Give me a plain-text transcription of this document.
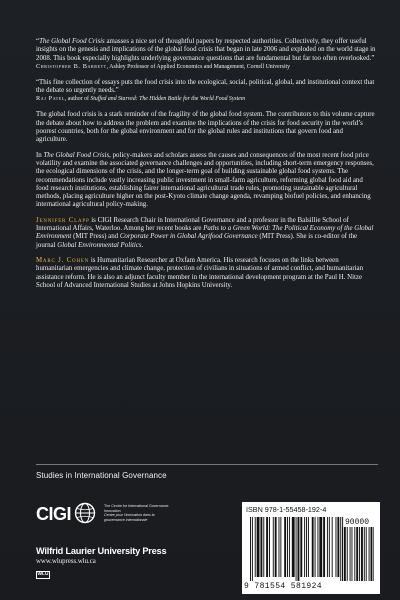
“The Global Food Crisis amasses a nice set of thoughtful papers by respected authorities. Collectively, they offer useful insights on the genesis and implications of the global food crisis that began in late 2006 and exploded on the world stage in 2008. This book especially highlights underlying governance questions that are fundamental but far too often overlooked.”

Christopher B. Barrett, Ashley Professor of Applied Economics and Management, Cornell University

“This fine collection of essays puts the food crisis into the ecological, social, political, global, and institutional context that the debate so urgently needs.”

Raj Patel, author of Stuffed and Starved: The Hidden Battle for the World Food System

The global food crisis is a stark reminder of the fragility of the global food system. The contributors to this volume capture the debate about how to address the problem and examine the implications of the crisis for food security in the world’s poorest countries, both for the global environment and for the global rules and institutions that govern food and agriculture.

In The Global Food Crisis, policy-makers and scholars assess the causes and consequences of the most recent food price volatility and examine the associated governance challenges and opportunities, including short-term emergency responses, the ecological dimensions of the crisis, and the longer-term goal of building sustainable global food systems. The recommendations include vastly increasing public investment in small-farm agriculture, reforming global food aid and food research institutions, establishing fairer international agricultural trade rules, promoting sustainable agricultural methods, placing agriculture higher on the post-Kyoto climate change agenda, revamping biofuel policies, and enhancing international agricultural policy-making.

Jennifer Clapp is CIGI Research Chair in International Governance and a professor in the Balsillie School of International Affairs, Waterloo. Among her recent books are Paths to a Green World: The Political Economy of the Global Environment (MIT Press) and Corporate Power in Global Agrifood Governance (MIT Press). She is co-editor of the journal Global Environmental Politics.

Marc J. Cohen is Humanitarian Researcher at Oxfam America. His research focuses on the links between humanitarian emergencies and climate change, protection of civilians in situations of armed conflict, and humanitarian assistance reform. He is also an adjunct faculty member in the international development program at the Paul H. Nitze School of Advanced International Studies at Johns Hopkins University.

Studies in International Governance
CIGI	The Centre for International Governance Innovation
Centre pour l’innovation dans la gouvernance internationale
Wilfrid Laurier University Press
www.wlupress.wlu.ca
WLU
ISBN 978-1-55458-192-4
90000
9 781554 581924
